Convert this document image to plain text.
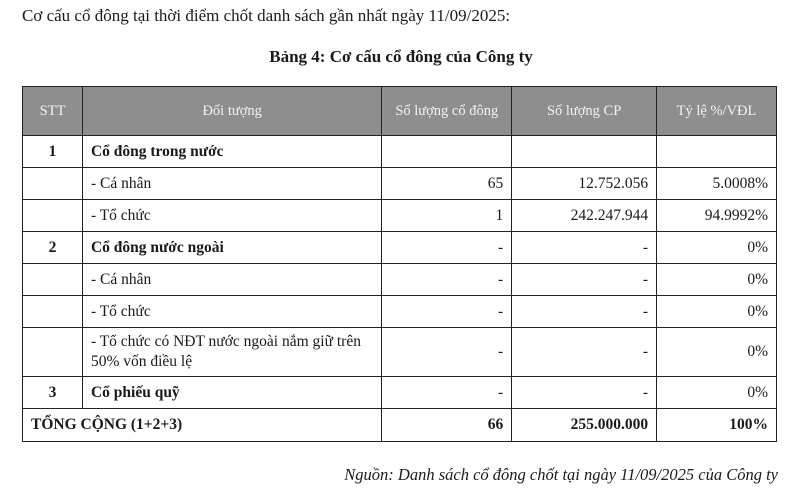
Cơ cấu cổ đông tại thời điểm chốt danh sách gần nhất ngày 11/09/2025:
Bảng 4: Cơ cấu cổ đông của Công ty
STT	Đối tượng	Số lượng cổ đông	Số lượng CP	Tỷ lệ %/VĐL
1	Cổ đông trong nước			
	- Cá nhân	65	12.752.056	5.0008%
	- Tổ chức	1	242.247.944	94.9992%
2	Cổ đông nước ngoài	-	-	0%
	- Cá nhân	-	-	0%
	- Tổ chức	-	-	0%
	- Tổ chức có NĐT nước ngoài nắm giữ trên 50% vốn điều lệ	-	-	0%
3	Cổ phiếu quỹ	-	-	0%
TỔNG CỘNG (1+2+3)		66	255.000.000	100%
Nguồn: Danh sách cổ đông chốt tại ngày 11/09/2025 của Công ty
